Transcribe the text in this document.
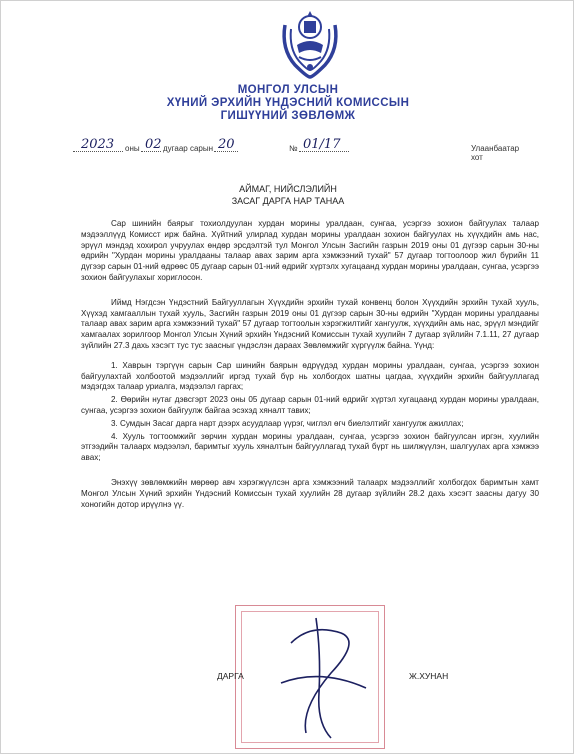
МОНГОЛ УЛСЫН
ХҮНИЙ ЭРХИЙН ҮНДЭСНИЙ КОМИССЫН
ГИШҮҮНИЙ ЗӨВЛӨМЖ
2023 оны 02 дугаар сарын 20	№ 01/17	Улаанбаатар хот
АЙМАГ, НИЙСЛЭЛИЙН
ЗАСАГ ДАРГА НАР ТАНАА

Сар шинийн баярыг тохиолдуулан хурдан морины уралдаан, сунгаа, усэргээ зохион байгуулах талаар мэдээллүүд Комисст ирж байна. Хүйтний улирлад хурдан морины уралдаан зохион байгуулах нь хүүхдийн амь нас, эрүүл мэндэд хохирол учруулах өндөр эрсдэлтэй тул Монгол Улсын Засгийн газрын 2019 оны 01 дүгээр сарын 30-ны өдрийн "Хурдан морины уралдааны талаар авах зарим арга хэмжээний тухай" 57 дугаар тогтоолоор жил бүрийн 11 дүгээр сарын 01-ний өдрөөс 05 дугаар сарын 01-ний өдрийг хүртэлх хугацаанд хурдан морины уралдаан, сунгаа, усэргээ зохион байгуулахыг хориглосон.

Иймд Нэгдсэн Үндэстний Байгууллагын Хүүхдийн эрхийн тухай конвенц болон Хүүхдийн эрхийн тухай хууль, Хүүхэд хамгааллын тухай хууль, Засгийн газрын 2019 оны 01 дүгээр сарын 30-ны өдрийн "Хурдан морины уралдааны талаар авах зарим арга хэмжээний тухай" 57 дугаар тогтоолын хэрэгжилтийг хангуулж, хүүхдийн амь нас, эрүүл мэндийг хамгаалах зорилгоор Монгол Улсын Хүний эрхийн Үндэсний Комиссын тухай хуулийн 7 дугаар зүйлийн 7.1.11, 27 дугаар зүйлийн 27.3 дахь хэсэгт тус тус заасныг үндэслэн дараах Зөвлөмжийг хүргүүлж байна. Үүнд:

1. Хаврын тэргүүн сарын Сар шинийн баярын өдрүүдэд хурдан морины уралдаан, сунгаа, усэргээ зохион байгуулахтай холбоотой мэдээллийг иргэд тухай бүр нь холбогдох шатны цагдаа, хүүхдийн эрхийн байгууллагад мэдэгдэх талаар уриалга, мэдээлэл гаргах;

2. Өөрийн нутаг дэвсгэрт 2023 оны 05 дугаар сарын 01-ний өдрийг хүртэл хугацаанд хурдан морины уралдаан, сунгаа, усэргээ зохион байгуулж байгаа эсэхэд хяналт тавих;

3. Сумдын Засаг дарга нарт дээрх асуудлаар үүрэг, чиглэл өгч биелэлтийг хангуулж ажиллах;

4. Хууль тогтоомжийг зөрчин хурдан морины уралдаан, сунгаа, усэргээ зохион байгуулсан иргэн, хуулийн этгээдийн талаарх мэдээлэл, баримтыг хууль хяналтын байгууллагад тухай бүрт нь шилжүүлэн, шалгуулах арга хэмжээ авах;

Энэхүү зөвлөмжийн мөрөөр авч хэрэгжүүлсэн арга хэмжээний талаарх мэдээллийг холбогдох баримтын хамт Монгол Улсын Хүний эрхийн Үндэсний Комиссын тухай хуулийн 28 дугаар зүйлийн 28.2 дахь хэсэгт заасны дагуу 30 хоногийн дотор ирүүлнэ үү.

ДАРГА	Ж.ХУНАН
